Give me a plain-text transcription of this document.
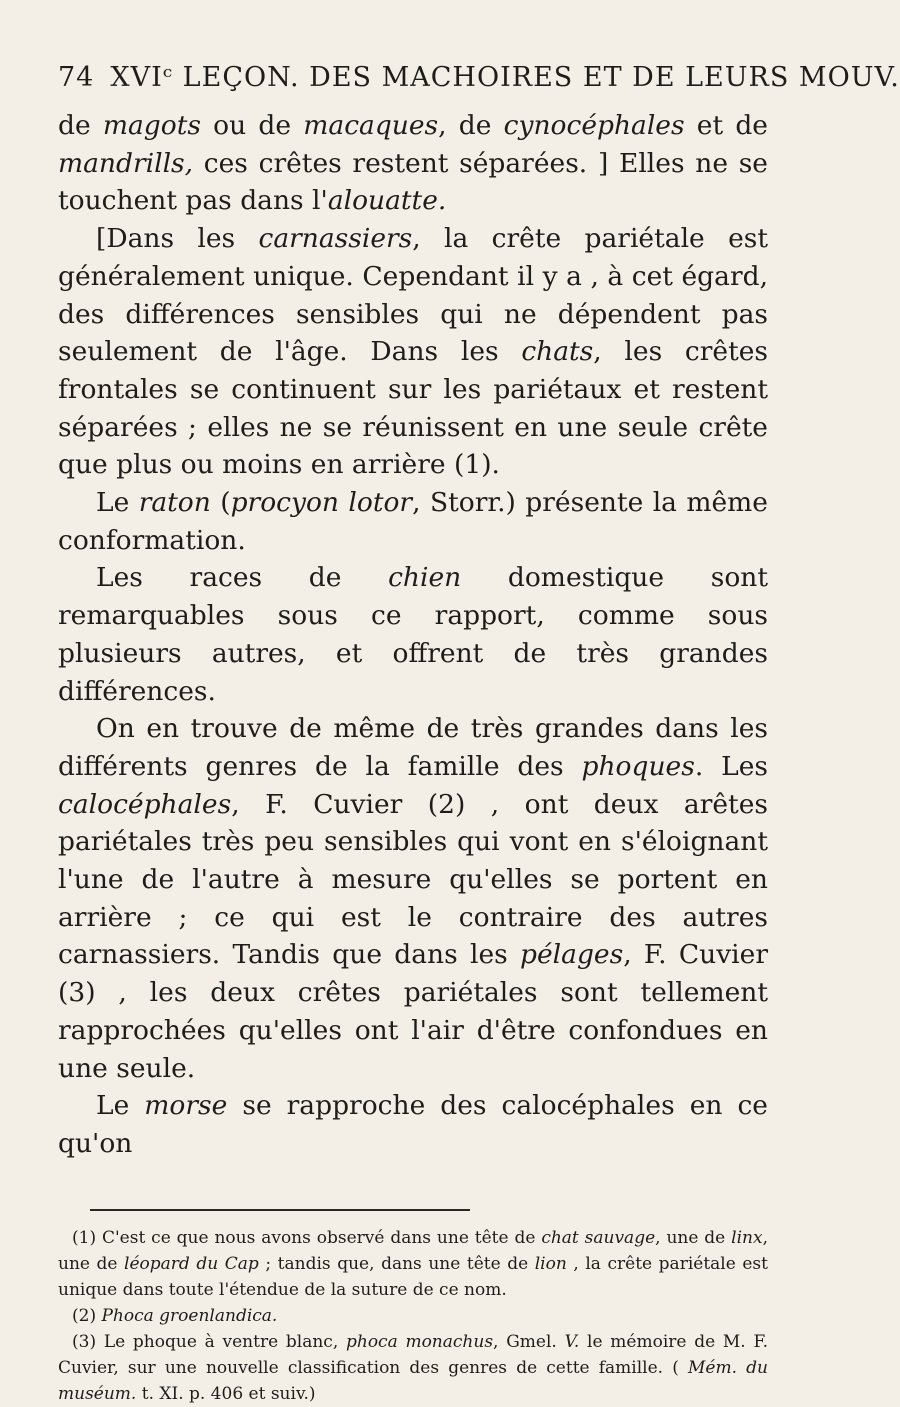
74 XVIᶜ LEÇON. DES MACHOIRES ET DE LEURS MOUV.

de magots ou de macaques, de cynocéphales et de mandrills, ces crêtes restent séparées. ] Elles ne se touchent pas dans l'alouatte.

[Dans les carnassiers, la crête pariétale est généralement unique. Cependant il y a , à cet égard, des différences sensibles qui ne dépendent pas seulement de l'âge. Dans les chats, les crêtes frontales se continuent sur les pariétaux et restent séparées ; elles ne se réunissent en une seule crête que plus ou moins en arrière (1).

Le raton (procyon lotor, Storr.) présente la même conformation.

Les races de chien domestique sont remarquables sous ce rapport, comme sous plusieurs autres, et offrent de très grandes différences.

On en trouve de même de très grandes dans les différents genres de la famille des phoques. Les calocéphales, F. Cuvier (2) , ont deux arêtes pariétales très peu sensibles qui vont en s'éloignant l'une de l'autre à mesure qu'elles se portent en arrière ; ce qui est le contraire des autres carnassiers. Tandis que dans les pélages, F. Cuvier (3) , les deux crêtes pariétales sont tellement rapprochées qu'elles ont l'air d'être confondues en une seule.

Le morse se rapproche des calocéphales en ce qu'on

(1) C'est ce que nous avons observé dans une tête de chat sauvage, une de linx, une de léopard du Cap ; tandis que, dans une tête de lion , la crête pariétale est unique dans toute l'étendue de la suture de ce nom.

(2) Phoca groenlandica.

(3) Le phoque à ventre blanc, phoca monachus, Gmel. V. le mémoire de M. F. Cuvier, sur une nouvelle classification des genres de cette famille. ( Mém. du muséum. t. XI. p. 406 et suiv.)
